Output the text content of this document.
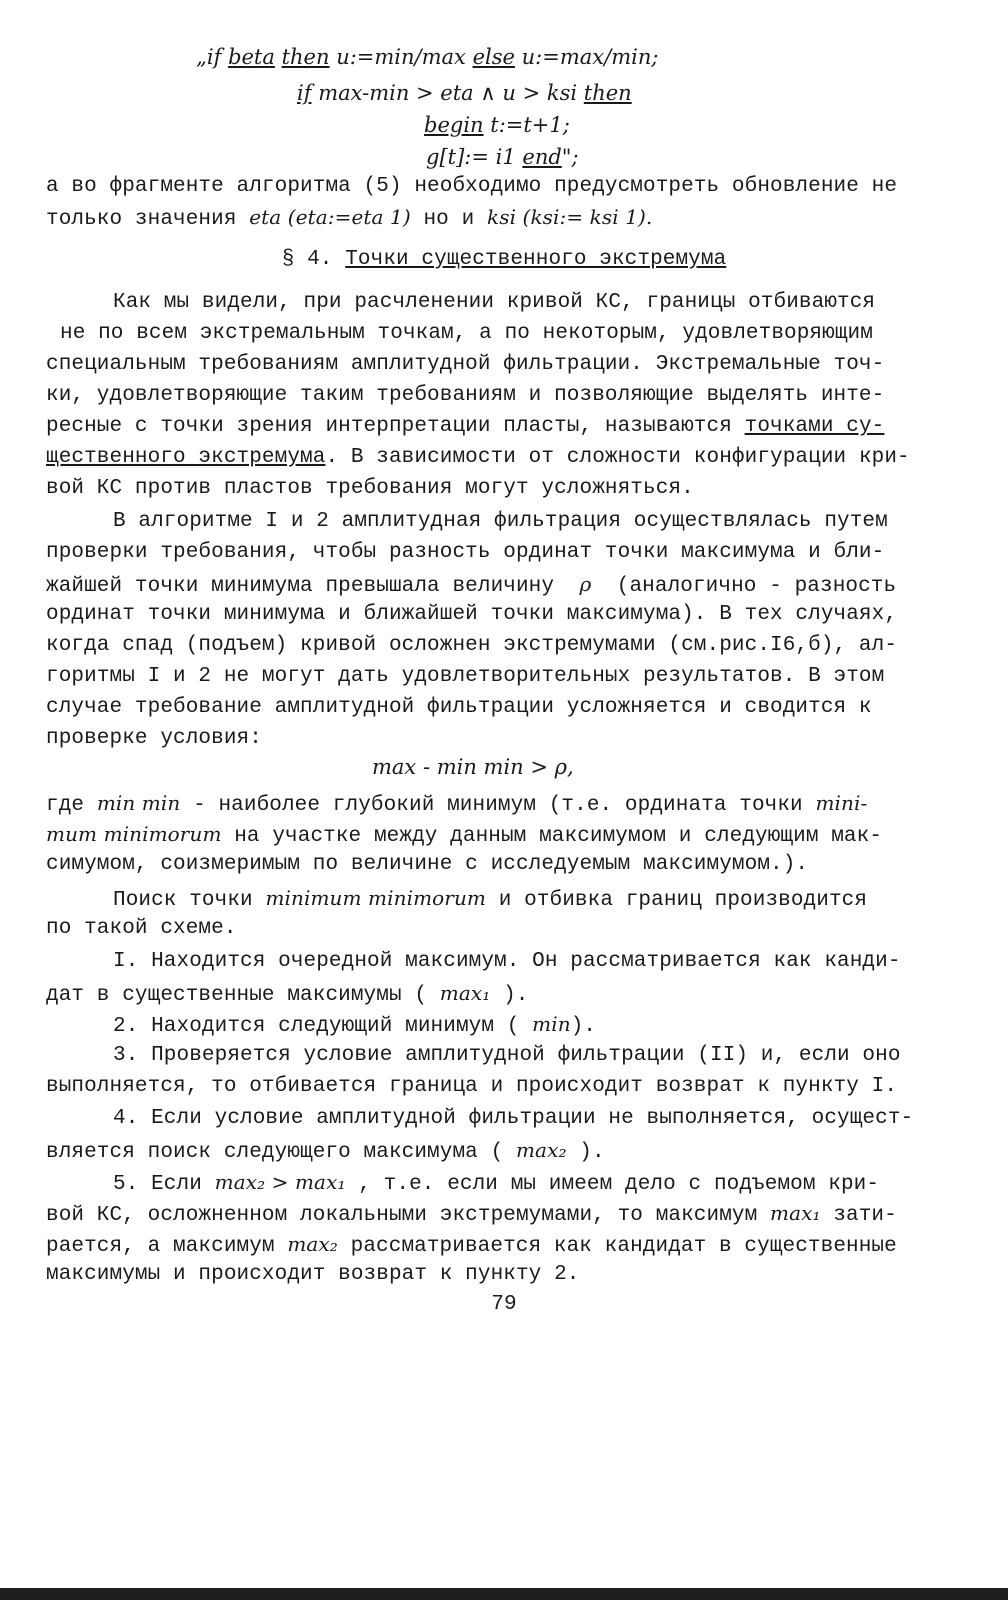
„if beta then u:=min/max else u:=max/min;
if max-min > eta ∧ u > ksi then
begin t:=t+1;
g[t]:= i1 end";
а во фрагменте алгоритма (5) необходимо предусмотреть обновление не
только значения eta (eta:=eta 1) но и ksi (ksi:= ksi 1).
§ 4. Точки существенного экстремума
Как мы видели, при расчленении кривой КС, границы отбиваются
не по всем экстремальным точкам, а по некоторым, удовлетворяющим
специальным требованиям амплитудной фильтрации. Экстремальные точ-
ки, удовлетворяющие таким требованиям и позволяющие выделять инте-
ресные с точки зрения интерпретации пласты, называются точками су-
щественного экстремума. В зависимости от сложности конфигурации кри-
вой КС против пластов требования могут усложняться.
В алгоритме I и 2 амплитудная фильтрация осуществлялась путем
проверки требования, чтобы разность ординат точки максимума и бли-
жайшей точки минимума превышала величину ρ (аналогично - разность
ординат точки минимума и ближайшей точки максимума). В тех случаях,
когда спад (подъем) кривой осложнен экстремумами (см.рис.I6,б), ал-
горитмы I и 2 не могут дать удовлетворительных результатов. В этом
случае требование амплитудной фильтрации усложняется и сводится к
проверке условия:
max - min min > ρ,
где min min - наиболее глубокий минимум (т.е. ордината точки mini-
mum minimorum на участке между данным максимумом и следующим мак-
симумом, соизмеримым по величине с исследуемым максимумом.).
Поиск точки minimum minimorum и отбивка границ производится
по такой схеме.
I. Находится очередной максимум. Он рассматривается как канди-
дат в существенные максимумы ( max₁ ).
2. Находится следующий минимум ( min).
3. Проверяется условие амплитудной фильтрации (II) и, если оно
выполняется, то отбивается граница и происходит возврат к пункту I.
4. Если условие амплитудной фильтрации не выполняется, осущест-
вляется поиск следующего максимума ( max₂ ).
5. Если max₂ > max₁ , т.е. если мы имеем дело с подъемом кри-
вой КС, осложненном локальными экстремумами, то максимум max₁ зати-
рается, а максимум max₂ рассматривается как кандидат в существенные
максимумы и происходит возврат к пункту 2.
79
